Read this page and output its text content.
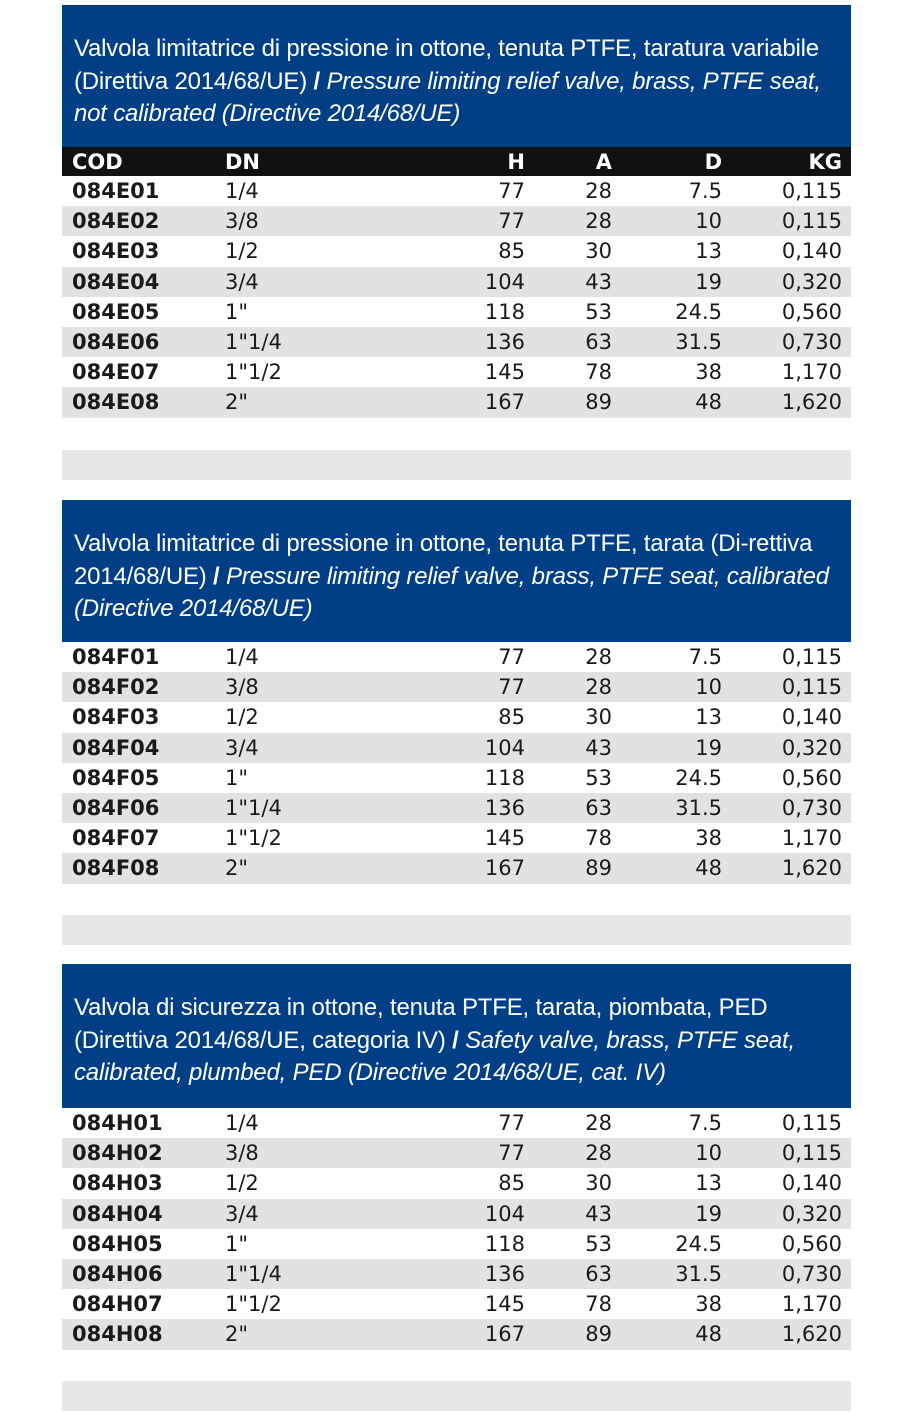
Valvola limitatrice di pressione in ottone, tenuta PTFE, taratura variabile (Direttiva 2014/68/UE) / Pressure limiting relief valve, brass, PTFE seat, not calibrated (Directive 2014/68/UE)
COD	DN	H	A	D	KG
084E01	1/4	77	28	7.5	0,115
084E02	3/8	77	28	10	0,115
084E03	1/2	85	30	13	0,140
084E04	3/4	104	43	19	0,320
084E05	1"	118	53	24.5	0,560
084E06	1"1/4	136	63	31.5	0,730
084E07	1"1/2	145	78	38	1,170
084E08	2"	167	89	48	1,620
Valvola limitatrice di pressione in ottone, tenuta PTFE, tarata (Di-rettiva 2014/68/UE) / Pressure limiting relief valve, brass, PTFE seat, calibrated (Directive 2014/68/UE)
084F01	1/4	77	28	7.5	0,115
084F02	3/8	77	28	10	0,115
084F03	1/2	85	30	13	0,140
084F04	3/4	104	43	19	0,320
084F05	1"	118	53	24.5	0,560
084F06	1"1/4	136	63	31.5	0,730
084F07	1"1/2	145	78	38	1,170
084F08	2"	167	89	48	1,620
Valvola di sicurezza in ottone, tenuta PTFE, tarata, piombata, PED (Direttiva 2014/68/UE, categoria IV) / Safety valve, brass, PTFE seat, calibrated, plumbed, PED (Directive 2014/68/UE, cat. IV)
084H01	1/4	77	28	7.5	0,115
084H02	3/8	77	28	10	0,115
084H03	1/2	85	30	13	0,140
084H04	3/4	104	43	19	0,320
084H05	1"	118	53	24.5	0,560
084H06	1"1/4	136	63	31.5	0,730
084H07	1"1/2	145	78	38	1,170
084H08	2"	167	89	48	1,620
